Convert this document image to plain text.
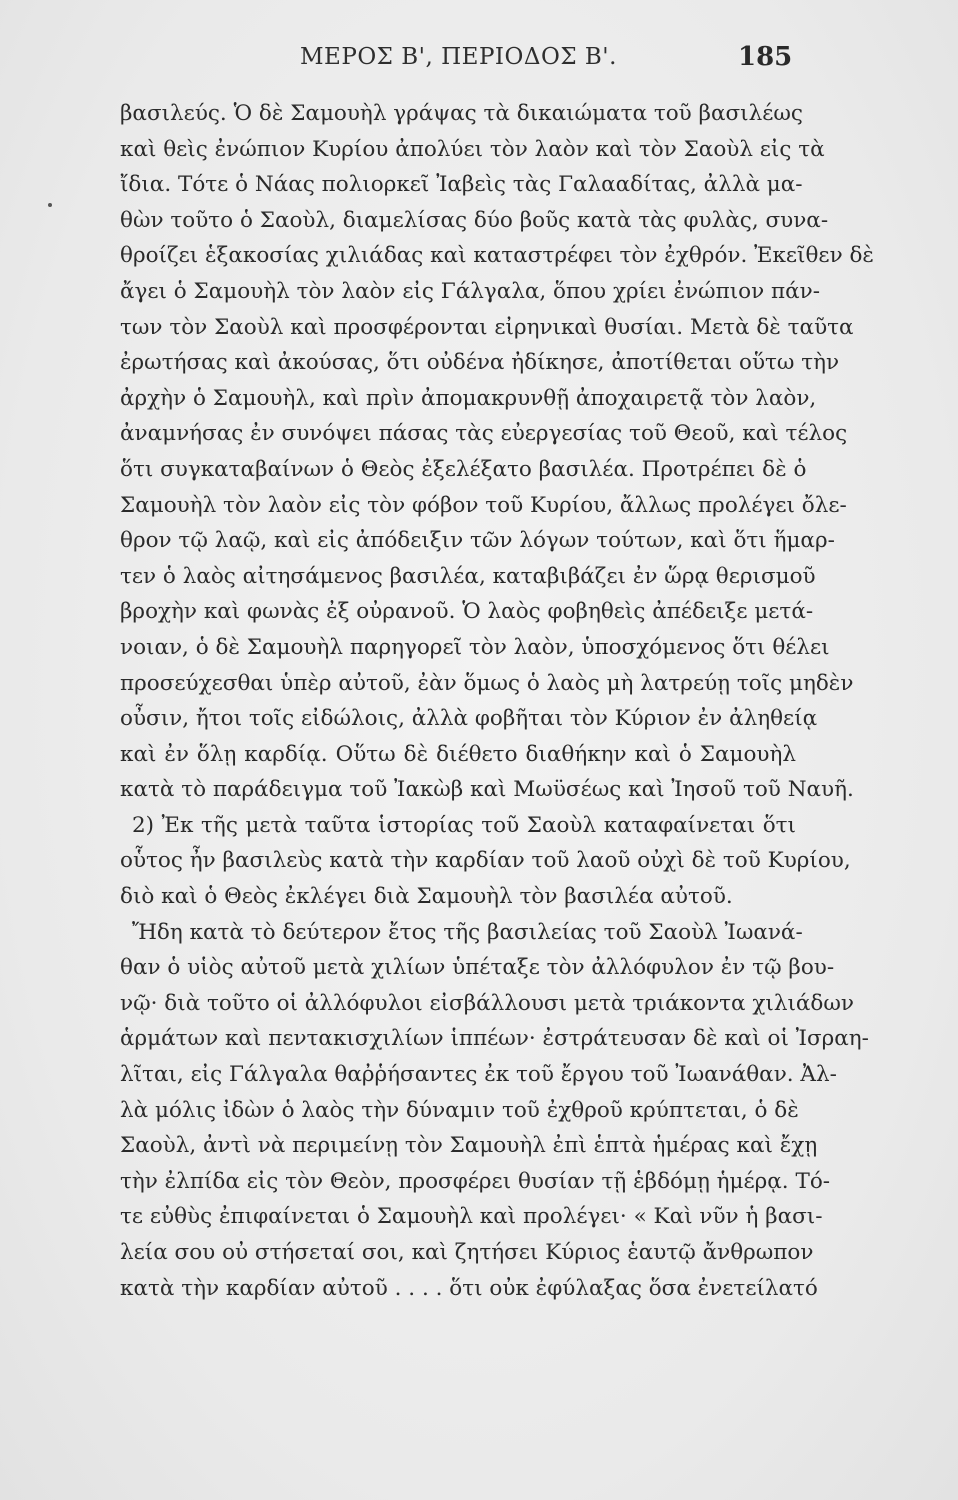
ΜΕΡΟΣ Β', ΠΕΡΙΟΔΟΣ Β'.	185
βασιλεύς. Ὁ δὲ Σαμουὴλ γράψας τὰ δικαιώματα τοῦ βασιλέως
καὶ θεὶς ἐνώπιον Κυρίου ἀπολύει τὸν λαὸν καὶ τὸν Σαοὺλ εἰς τὰ
ἴδια. Τότε ὁ Νάας πολιορκεῖ Ἰαβεὶς τὰς Γαλααδίτας, ἀλλὰ μα-
θὼν τοῦτο ὁ Σαοὺλ, διαμελίσας δύο βοῦς κατὰ τὰς φυλὰς, συνα-
θροίζει ἑξακοσίας χιλιάδας καὶ καταστρέφει τὸν ἐχθρόν. Ἐκεῖθεν δὲ
ἄγει ὁ Σαμουὴλ τὸν λαὸν εἰς Γάλγαλα, ὅπου χρίει ἐνώπιον πάν-
των τὸν Σαοὺλ καὶ προσφέρονται εἰρηνικαὶ θυσίαι. Μετὰ δὲ ταῦτα
ἐρωτήσας καὶ ἀκούσας, ὅτι οὐδένα ἠδίκησε, ἀποτίθεται οὕτω τὴν
ἀρχὴν ὁ Σαμουὴλ, καὶ πρὶν ἀπομακρυνθῇ ἀποχαιρετᾷ τὸν λαὸν,
ἀναμνήσας ἐν συνόψει πάσας τὰς εὐεργεσίας τοῦ Θεοῦ, καὶ τέλος
ὅτι συγκαταβαίνων ὁ Θεὸς ἐξελέξατο βασιλέα. Προτρέπει δὲ ὁ
Σαμουὴλ τὸν λαὸν εἰς τὸν φόβον τοῦ Κυρίου, ἄλλως προλέγει ὄλε-
θρον τῷ λαῷ, καὶ εἰς ἀπόδειξιν τῶν λόγων τούτων, καὶ ὅτι ἥμαρ-
τεν ὁ λαὸς αἰτησάμενος βασιλέα, καταβιβάζει ἐν ὥρᾳ θερισμοῦ
βροχὴν καὶ φωνὰς ἐξ οὐρανοῦ. Ὁ λαὸς φοβηθεὶς ἀπέδειξε μετά-
νοιαν, ὁ δὲ Σαμουὴλ παρηγορεῖ τὸν λαὸν, ὑποσχόμενος ὅτι θέλει
προσεύχεσθαι ὑπὲρ αὐτοῦ, ἐὰν ὅμως ὁ λαὸς μὴ λατρεύῃ τοῖς μηδὲν
οὖσιν, ἤτοι τοῖς εἰδώλοις, ἀλλὰ φοβῆται τὸν Κύριον ἐν ἀληθείᾳ
καὶ ἐν ὅλῃ καρδίᾳ. Οὕτω δὲ διέθετο διαθήκην καὶ ὁ Σαμουὴλ
κατὰ τὸ παράδειγμα τοῦ Ἰακὼβ καὶ Μωϋσέως καὶ Ἰησοῦ τοῦ Ναυῆ.
2) Ἐκ τῆς μετὰ ταῦτα ἱστορίας τοῦ Σαοὺλ καταφαίνεται ὅτι
οὗτος ἦν βασιλεὺς κατὰ τὴν καρδίαν τοῦ λαοῦ οὐχὶ δὲ τοῦ Κυρίου,
διὸ καὶ ὁ Θεὸς ἐκλέγει διὰ Σαμουὴλ τὸν βασιλέα αὐτοῦ.
Ἤδη κατὰ τὸ δεύτερον ἔτος τῆς βασιλείας τοῦ Σαοὺλ Ἰωανά-
θαν ὁ υἱὸς αὐτοῦ μετὰ χιλίων ὑπέταξε τὸν ἀλλόφυλον ἐν τῷ βου-
νῷ· διὰ τοῦτο οἱ ἀλλόφυλοι εἰσβάλλουσι μετὰ τριάκοντα χιλιάδων
ἁρμάτων καὶ πεντακισχιλίων ἱππέων· ἐστράτευσαν δὲ καὶ οἱ Ἰσραη-
λῖται, εἰς Γάλγαλα θαῤῥήσαντες ἐκ τοῦ ἔργου τοῦ Ἰωανάθαν. Ἀλ-
λὰ μόλις ἰδὼν ὁ λαὸς τὴν δύναμιν τοῦ ἐχθροῦ κρύπτεται, ὁ δὲ
Σαοὺλ, ἀντὶ νὰ περιμείνῃ τὸν Σαμουὴλ ἐπὶ ἑπτὰ ἡμέρας καὶ ἔχῃ
τὴν ἐλπίδα εἰς τὸν Θεὸν, προσφέρει θυσίαν τῇ ἑβδόμῃ ἡμέρᾳ. Τό-
τε εὐθὺς ἐπιφαίνεται ὁ Σαμουὴλ καὶ προλέγει· « Καὶ νῦν ἡ βασι-
λεία σου οὐ στήσεταί σοι, καὶ ζητήσει Κύριος ἑαυτῷ ἄνθρωπον
κατὰ τὴν καρδίαν αὐτοῦ . . . . ὅτι οὐκ ἐφύλαξας ὅσα ἐνετείλατό
